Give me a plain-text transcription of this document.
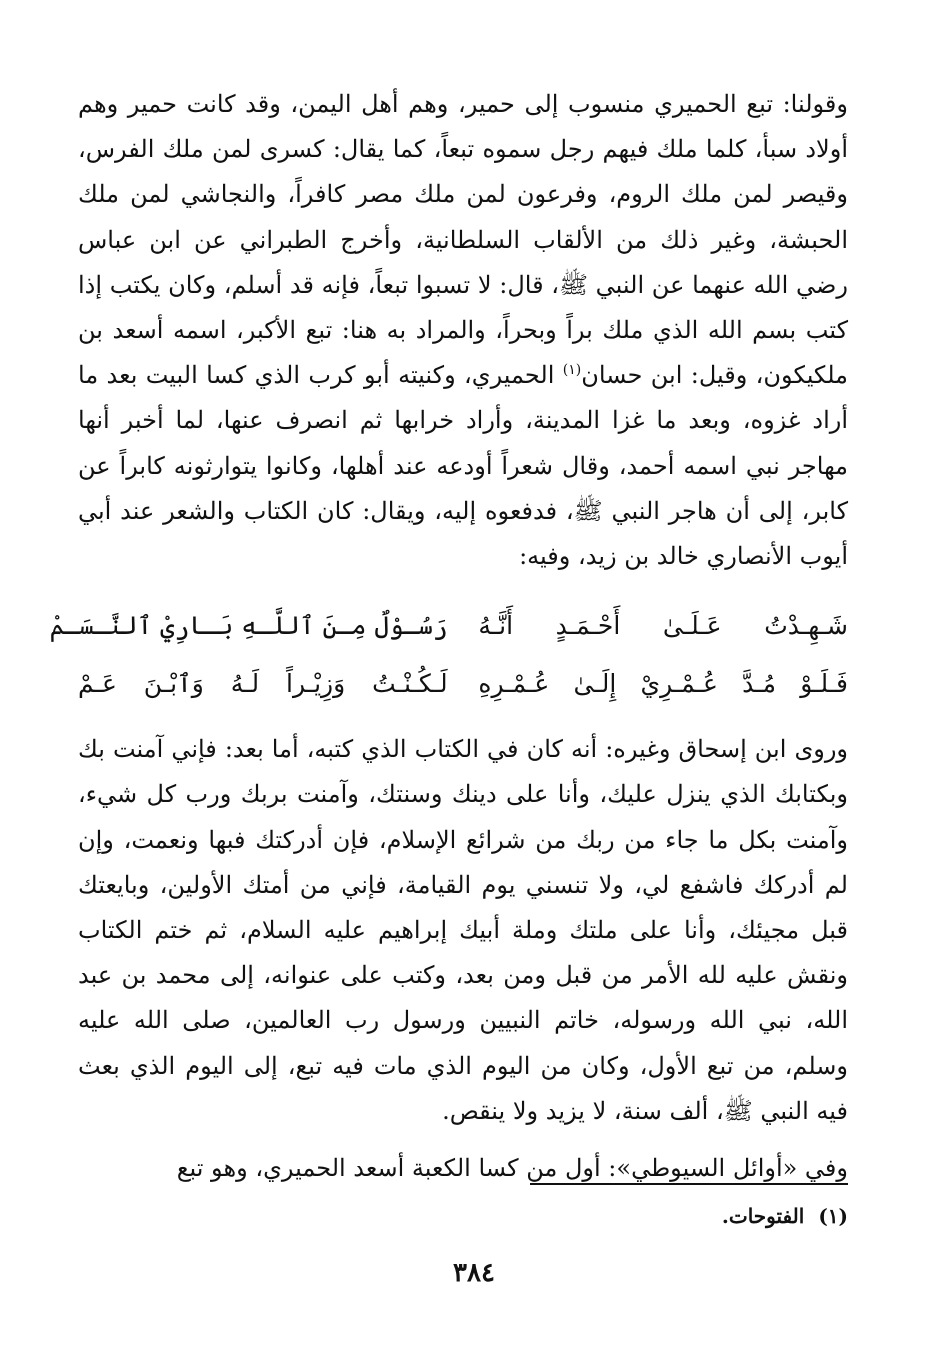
وقولنا: تبع الحميري منسوب إلى حمير، وهم أهل اليمن، وقد كانت حمير وهم أولاد سبأ، كلما ملك فيهم رجل سموه تبعاً، كما يقال: كسرى لمن ملك الفرس، وقيصر لمن ملك الروم، وفرعون لمن ملك مصر كافراً، والنجاشي لمن ملك الحبشة، وغير ذلك من الألقاب السلطانية، وأخرج الطبراني عن ابن عباس رضي الله عنهما عن النبي ﷺ، قال: لا تسبوا تبعاً، فإنه قد أسلم، وكان يكتب إذا كتب بسم الله الذي ملك براً وبحراً، والمراد به هنا: تبع الأكبر، اسمه أسعد بن ملكيكون، وقيل: ابن حسان$^{(١)}$ الحميري، وكنيته أبو كرب الذي كسا البيت بعد ما أراد غزوه، وبعد ما غزا المدينة، وأراد خرابها ثم انصرف عنها، لما أخبر أنها مهاجر نبي اسمه أحمد، وقال شعراً أودعه عند أهلها، وكانوا يتوارثونه كابراً عن كابر، إلى أن هاجر النبي ﷺ، فدفعوه إليه، ويقال: كان الكتاب والشعر عند أبي أيوب الأنصاري خالد بن زيد، وفيه:

شَـهِـدْتُ عَـلَـىٰ أَحْـمَـدٍ أَنَّـهُ
رَسُـوْلٌ مِـنَ ٱللَّـهِ بَـارِيْ ٱلنَّـسَـمْ
فَـلَـوْ مُـدَّ عُـمْـرِيْ إِلَـىٰ عُـمْـرِهِ
لَـكُـنْـتُ وَزِيْـراً لَـهُ وَٱبْـنَ عَـمْ

وروى ابن إسحاق وغيره: أنه كان في الكتاب الذي كتبه، أما بعد: فإني آمنت بك وبكتابك الذي ينزل عليك، وأنا على دينك وسنتك، وآمنت بربك ورب كل شيء، وآمنت بكل ما جاء من ربك من شرائع الإسلام، فإن أدركتك فبها ونعمت، وإن لم أدركك فاشفع لي، ولا تنسني يوم القيامة، فإني من أمتك الأولين، وبايعتك قبل مجيئك، وأنا على ملتك وملة أبيك إبراهيم عليه السلام، ثم ختم الكتاب ونقش عليه لله الأمر من قبل ومن بعد، وكتب على عنوانه، إلى محمد بن عبد الله، نبي الله ورسوله، خاتم النبيين ورسول رب العالمين، صلى الله عليه وسلم، من تبع الأول، وكان من اليوم الذي مات فيه تبع، إلى اليوم الذي بعث فيه النبي ﷺ، ألف سنة، لا يزيد ولا ينقص.

وفي «أوائل السيوطي»: أول من كسا الكعبة أسعد الحميري، وهو تبع

(١)الفتوحات.
٣٨٤
